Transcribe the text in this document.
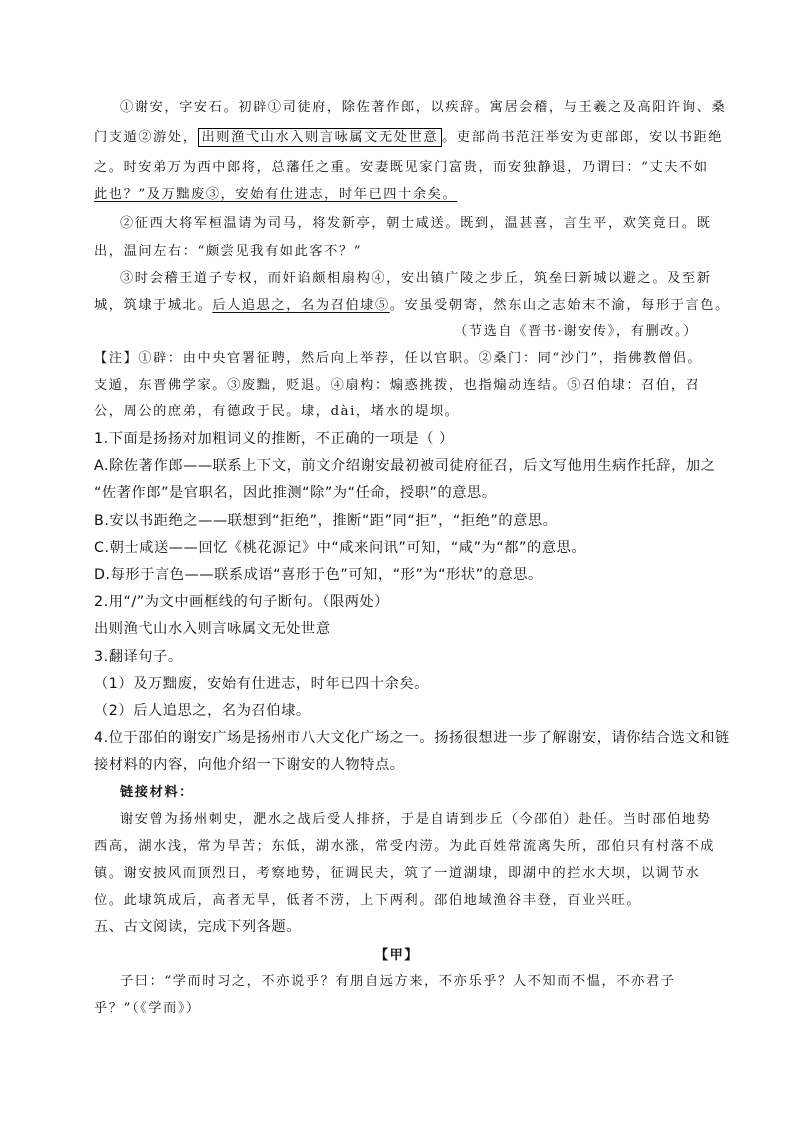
①谢安，字安石。初辟①司徒府，除佐著作郎，以疾辞。寓居会稽，与王羲之及高阳许询、桑
门支遁②游处， 出则渔弋山水入则言咏属文无处世意 。吏部尚书范汪举安为吏部郎，安以书距绝
之。时安弟万为西中郎将，总藩任之重。安妻既见家门富贵，而安独静退，乃谓曰：“丈夫不如
此也？”及万黜废③，安始有仕进志，时年已四十余矣。
②征西大将军桓温请为司马，将发新亭，朝士咸送。既到，温甚喜，言生平，欢笑竟日。既
出，温问左右：“颇尝见我有如此客不？”
③时会稽王道子专权，而奸谄颇相扇构④，安出镇广陵之步丘，筑垒曰新城以避之。及至新
城，筑埭于城北。后人追思之，名为召伯埭⑤。安虽受朝寄，然东山之志始末不渝，每形于言色。
（节选自《晋书·谢安传》，有删改。）
【注】①辟：由中央官署征聘，然后向上举荐，任以官职。②桑门：同“沙门”，指佛教僧侣。
支遁，东晋佛学家。③废黜，贬退。④扇构：煽惑挑拨，也指煽动连结。⑤召伯埭：召伯，召
公，周公的庶弟，有德政于民。埭，dài，堵水的堤坝。
1.下面是扬扬对加粗词义的推断，不正确的一项是（ ）
A.除佐著作郎——联系上下文，前文介绍谢安最初被司徒府征召，后文写他用生病作托辞，加之
“佐著作郎”是官职名，因此推测“除”为“任命，授职”的意思。
B.安以书距绝之——联想到“拒绝”，推断“距”同“拒”，“拒绝”的意思。
C.朝士咸送——回忆《桃花源记》中“咸来问讯”可知，“咸”为“都”的意思。
D.每形于言色——联系成语“喜形于色”可知，“形”为“形状”的意思。
2.用“/”为文中画框线的句子断句。（限两处）
出则渔弋山水入则言咏属文无处世意
3.翻译句子。
（1）及万黜废，安始有仕进志，时年已四十余矣。
（2）后人追思之，名为召伯埭。
4.位于邵伯的谢安广场是扬州市八大文化广场之一。扬扬很想进一步了解谢安，请你结合选文和链
接材料的内容，向他介绍一下谢安的人物特点。
链接材料：
谢安曾为扬州刺史，淝水之战后受人排挤，于是自请到步丘（今邵伯）赴任。当时邵伯地势
西高，湖水浅，常为旱苦；东低，湖水涨，常受内涝。为此百姓常流离失所，邵伯只有村落不成
镇。谢安披风而顶烈日，考察地势，征调民夫，筑了一道湖埭，即湖中的拦水大坝，以调节水
位。此埭筑成后，高者无旱，低者不涝，上下两利。邵伯地域渔谷丰登，百业兴旺。
五、古文阅读，完成下列各题。
【甲】
子曰：“学而时习之，不亦说乎？有朋自远方来，不亦乐乎？人不知而不愠，不亦君子
乎？”（《学而》）
